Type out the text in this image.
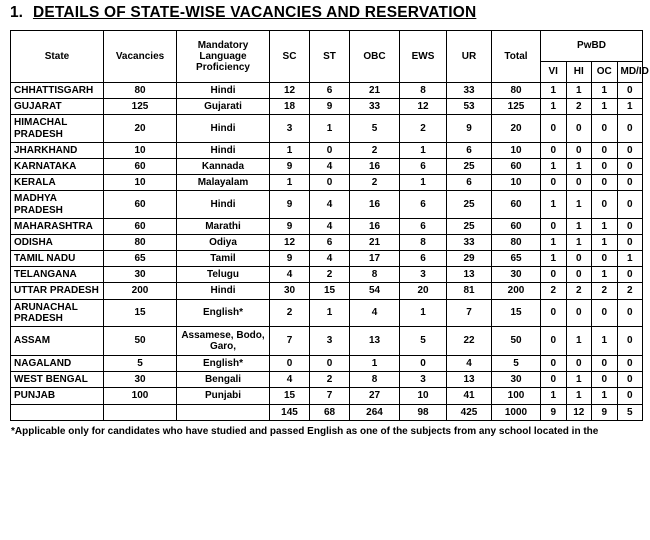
1. DETAILS OF STATE-WISE VACANCIES AND RESERVATION
State	Vacancies	Mandatory Language Proficiency	SC	ST	OBC	EWS	UR	Total	PwBD			
									VI	HI	OC	MD/ID
CHHATTISGARH	80	Hindi	12	6	21	8	33	80	1	1	1	0
GUJARAT	125	Gujarati	18	9	33	12	53	125	1	2	1	1
HIMACHAL PRADESH	20	Hindi	3	1	5	2	9	20	0	0	0	0
JHARKHAND	10	Hindi	1	0	2	1	6	10	0	0	0	0
KARNATAKA	60	Kannada	9	4	16	6	25	60	1	1	0	0
KERALA	10	Malayalam	1	0	2	1	6	10	0	0	0	0
MADHYA PRADESH	60	Hindi	9	4	16	6	25	60	1	1	0	0
MAHARASHTRA	60	Marathi	9	4	16	6	25	60	0	1	1	0
ODISHA	80	Odiya	12	6	21	8	33	80	1	1	1	0
TAMIL NADU	65	Tamil	9	4	17	6	29	65	1	0	0	1
TELANGANA	30	Telugu	4	2	8	3	13	30	0	0	1	0
UTTAR PRADESH	200	Hindi	30	15	54	20	81	200	2	2	2	2
ARUNACHAL PRADESH	15	English*	2	1	4	1	7	15	0	0	0	0
ASSAM	50	Assamese, Bodo, Garo,	7	3	13	5	22	50	0	1	1	0
NAGALAND	5	English*	0	0	1	0	4	5	0	0	0	0
WEST BENGAL	30	Bengali	4	2	8	3	13	30	0	1	0	0
PUNJAB	100	Punjabi	15	7	27	10	41	100	1	1	1	0
			145	68	264	98	425	1000	9	12	9	5
*Applicable only for candidates who have studied and passed English as one of the subjects from any school located in the
